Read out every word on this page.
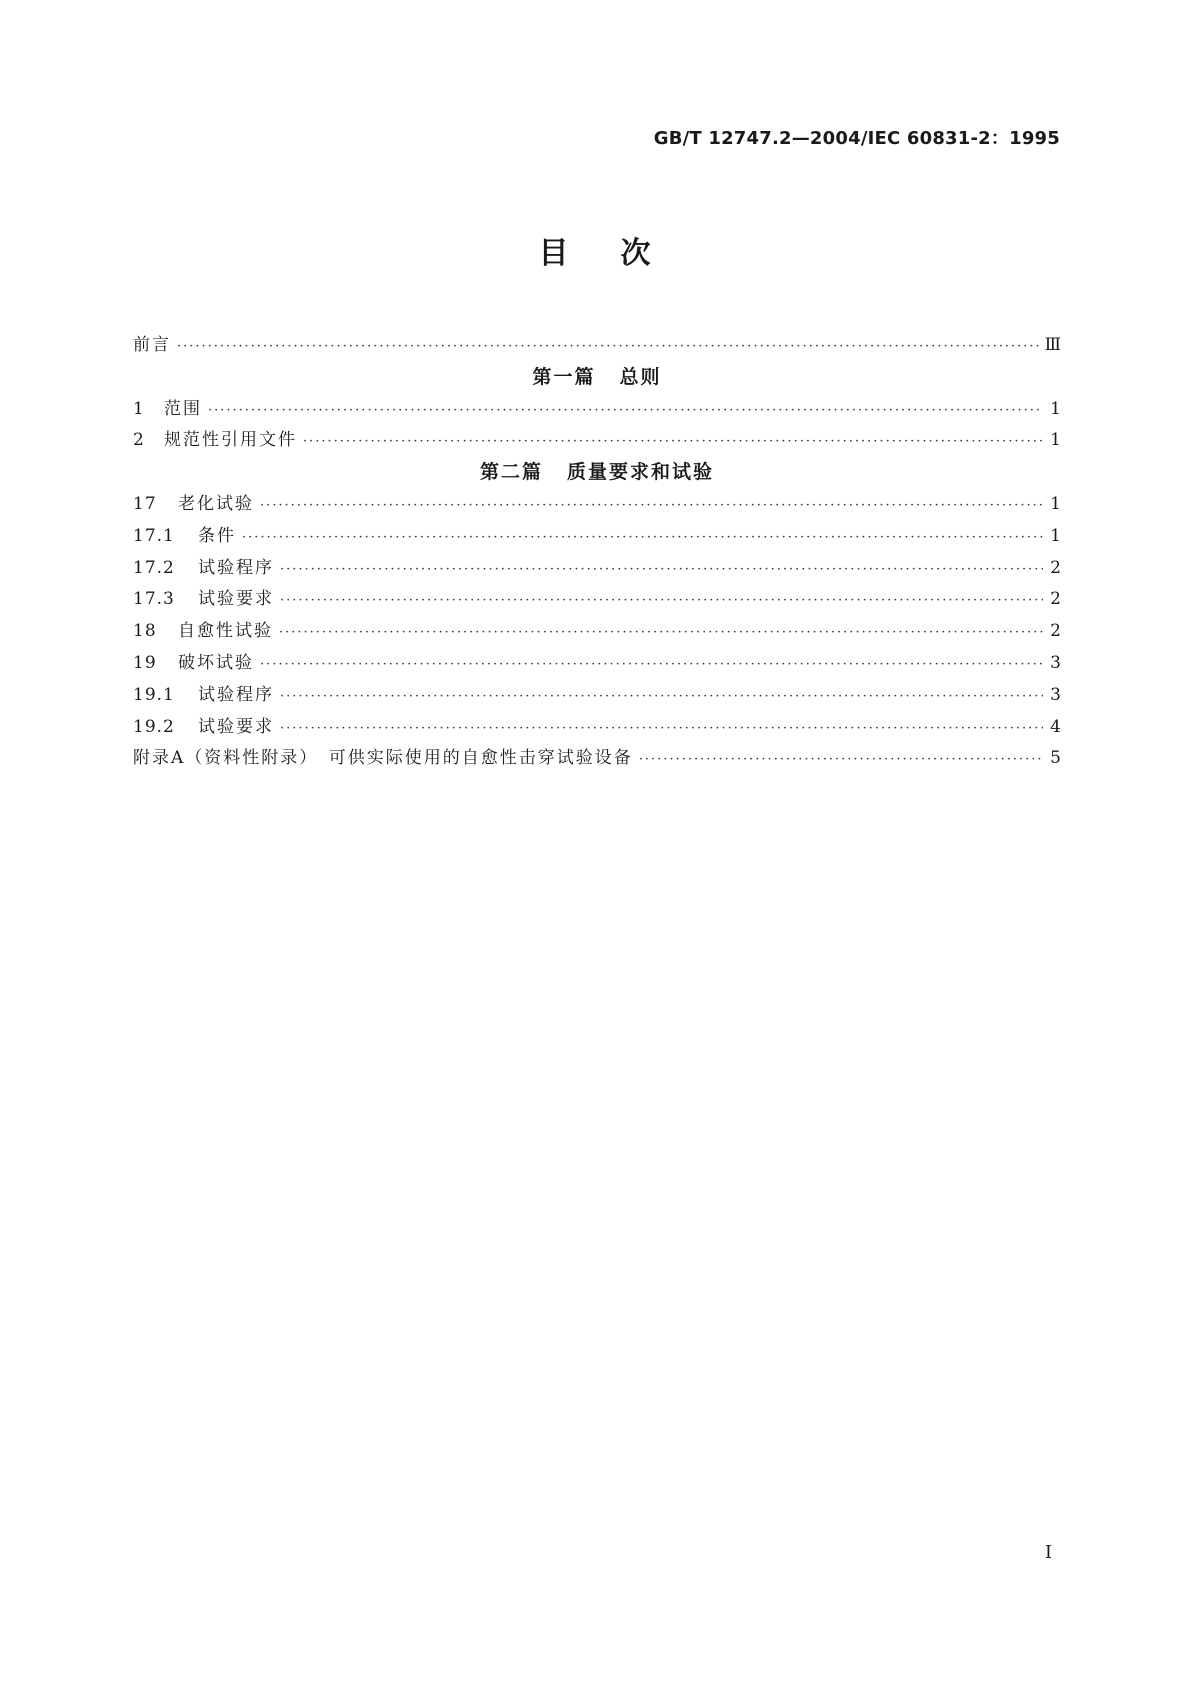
GB/T 12747.2—2004/IEC 60831-2：1995
目 次
前言 ·····	Ⅲ
第一篇 总则
1	范围 ·····	1
2	规范性引用文件 ·····	1
第二篇 质量要求和试验
17	老化试验 ·····	1
17.1	条件 ·····	1
17.2	试验程序 ·····	2
17.3	试验要求 ·····	2
18	自愈性试验 ·····	2
19	破坏试验 ·····	3
19.1	试验程序 ·····	3
19.2	试验要求 ·····	4
附录A（资料性附录）　可供实际使用的自愈性击穿试验设备 ·····	5
I
